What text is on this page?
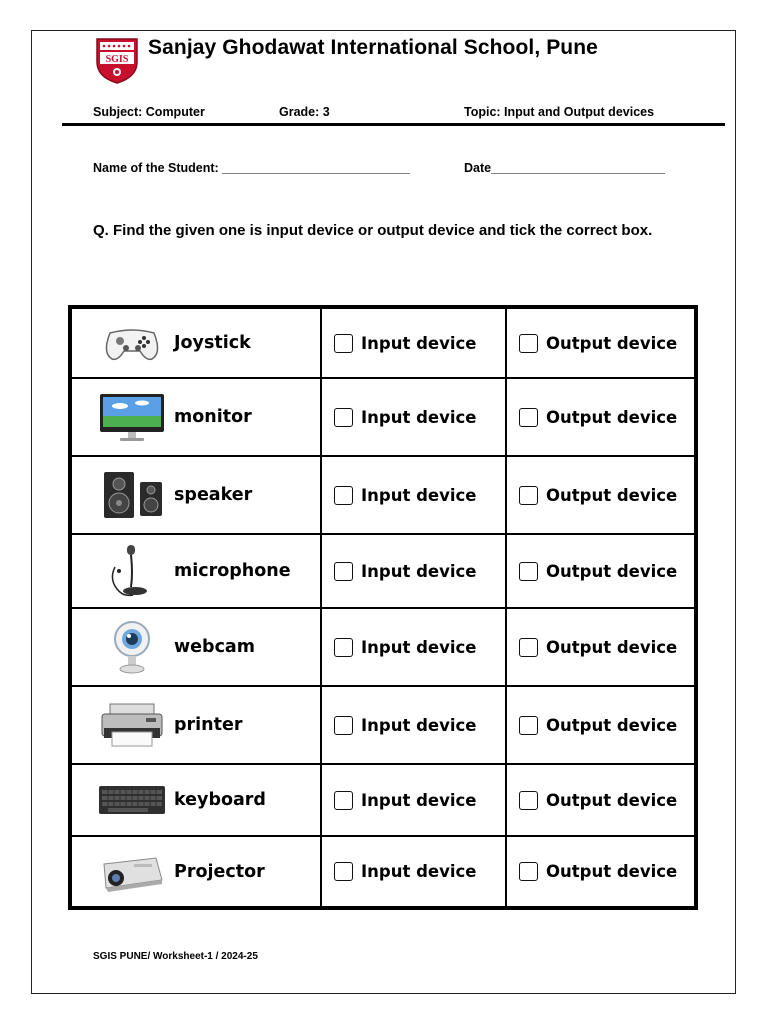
SGIS
Sanjay Ghodawat International School, Pune
Subject: Computer	Grade: 3	Topic: Input and Output devices
Name of the Student: ___________________________	Date_________________________
Q. Find the given one is input device or output device and tick the correct box.
Joystick	Input device	Output device
monitor	Input device	Output device
speaker	Input device	Output device
microphone	Input device	Output device
webcam	Input device	Output device
printer	Input device	Output device
keyboard	Input device	Output device
Projector	Input device	Output device
SGIS PUNE/ Worksheet-1 / 2024-25
